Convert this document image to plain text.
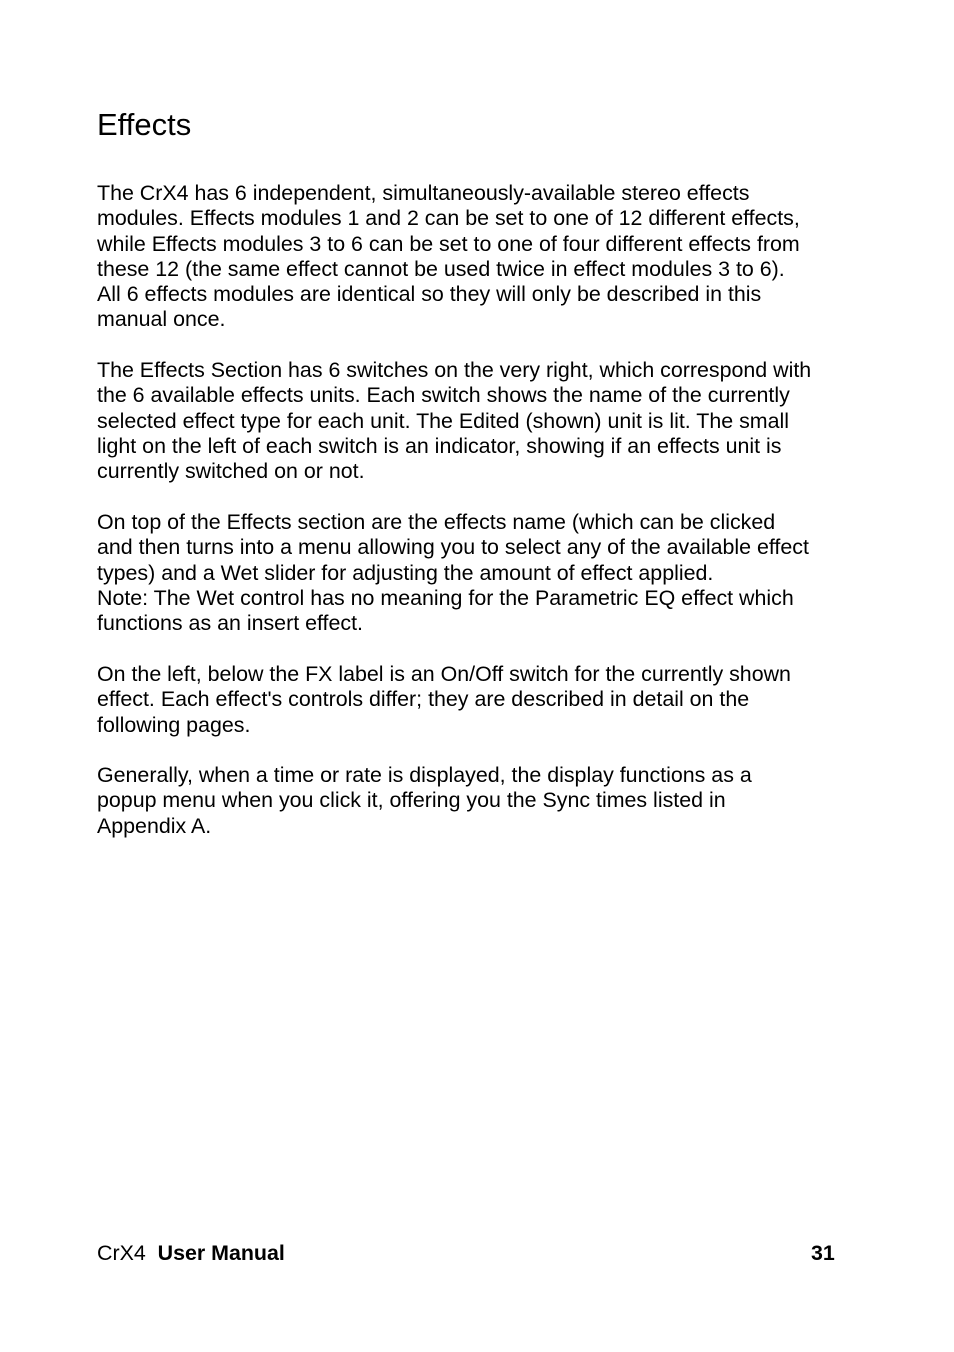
Effects

The CrX4 has 6 independent, simultaneously-available stereo effects
modules. Effects modules 1 and 2 can be set to one of 12 different effects,
while Effects modules 3 to 6 can be set to one of four different effects from
these 12 (the same effect cannot be used twice in effect modules 3 to 6).
All 6 effects modules are identical so they will only be described in this
manual once.

The Effects Section has 6 switches on the very right, which correspond with
the 6 available effects units. Each switch shows the name of the currently
selected effect type for each unit. The Edited (shown) unit is lit. The small
light on the left of each switch is an indicator, showing if an effects unit is
currently switched on or not.

On top of the Effects section are the effects name (which can be clicked
and then turns into a menu allowing you to select any of the available effect
types) and a Wet slider for adjusting the amount of effect applied.
Note: The Wet control has no meaning for the Parametric EQ effect which
functions as an insert effect.

On the left, below the FX label is an On/Off switch for the currently shown
effect. Each effect's controls differ; they are described in detail on the
following pages.

Generally, when a time or rate is displayed, the display functions as a
popup menu when you click it, offering you the Sync times listed in
Appendix A.

CrX4 User Manual	31
